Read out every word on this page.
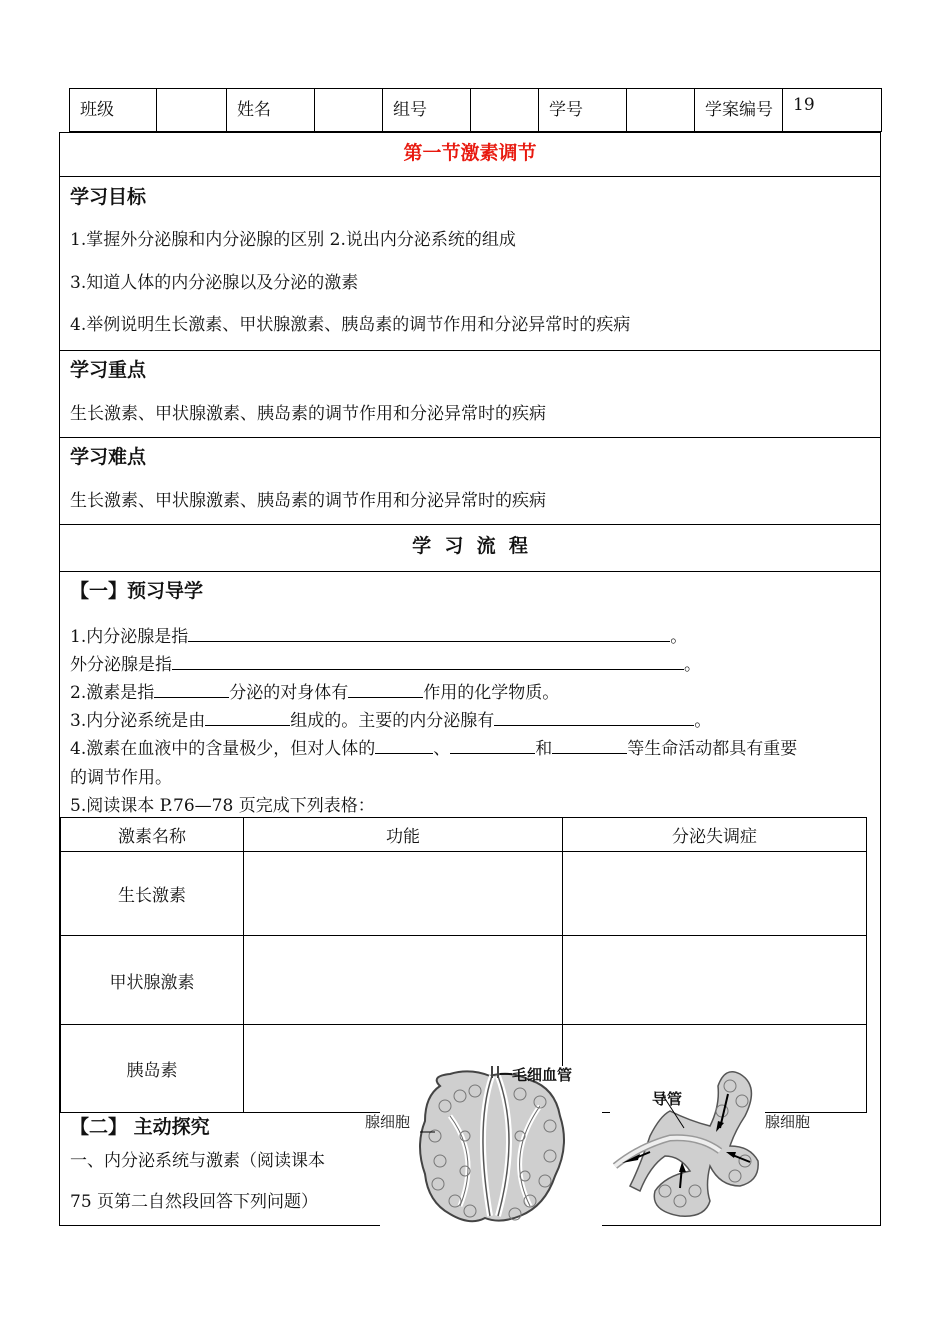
班级		姓名		组号		学号		学案编号	19
第一节激素调节
学习目标
1.掌握外分泌腺和内分泌腺的区别 2.说出内分泌系统的组成
3.知道人体的内分泌腺以及分泌的激素
4.举例说明生长激素、甲状腺激素、胰岛素的调节作用和分泌异常时的疾病
学习重点
生长激素、甲状腺激素、胰岛素的调节作用和分泌异常时的疾病
学习难点
生长激素、甲状腺激素、胰岛素的调节作用和分泌异常时的疾病
学  习  流  程
【一】预习导学
1.内分泌腺是指	。
外分泌腺是指	。
2.激素是指	分泌的对身体有	作用的化学物质。
3.内分泌系统是由	组成的。主要的内分泌腺有	。
4.激素在血液中的含量极少，但对人体的	、	和	等生命活动都具有重要
的调节作用。
5.阅读课本 P.76—78 页完成下列表格：
激素名称	功能	分泌失调症
生长激素		
甲状腺激素		
胰岛素		
【二】 主动探究
一、内分泌系统与激素（阅读课本
75 页第二自然段回答下列问题）
毛细血管
腺细胞
导管
腺细胞
